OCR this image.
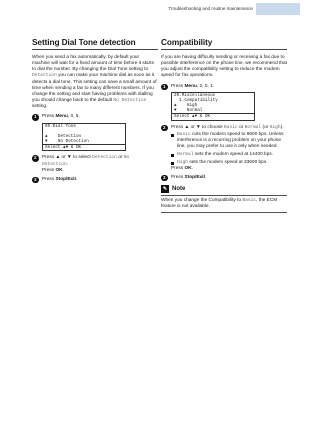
Troubleshooting and routine maintenance
Setting Dial Tone detection

When you send a fax automatically, by default your machine will wait for a fixed amount of time before it starts to dial the number. By changing the Dial Tone setting to Detection you can make your machine dial as soon as it detects a dial tone. This setting can save a small amount of time when sending a fax to many different numbers. If you change the setting and start having problems with dialling you should change back to the default No Detection setting.

1	Press Menu, 0, 5.
05.Dial Tone
▲    Detection
▼    No Detection
Select ▲▼ & OK
2	Press ▲ or ▼ to select Detection or No Detection.
Press OK.
3	Press Stop/Exit.
Compatibility

If you are having difficulty sending or receiving a fax due to possible interference on the phone line, we recommend that you adjust the compatibility setting to reduce the modem speed for fax operations.

1	Press Menu, 2, 0, 1.
20.Miscellaneous
1.Compatibility
▲    High
▼    Normal
Select ▲▼ & OK
2	Press ▲ or ▼ to choose Basic or Normal (or High).
Basic cuts the modem speed to 9600 bps. Unless interference is a recurring problem on your phone line, you may prefer to use it only when needed.
Normal sets the modem speed at 14400 bps.
High sets the modem speed at 33600 bps.
Press OK.
3	Press Stop/Exit.
✎ Note
When you change the Compatibility to Basic, the ECM feature is not available.
